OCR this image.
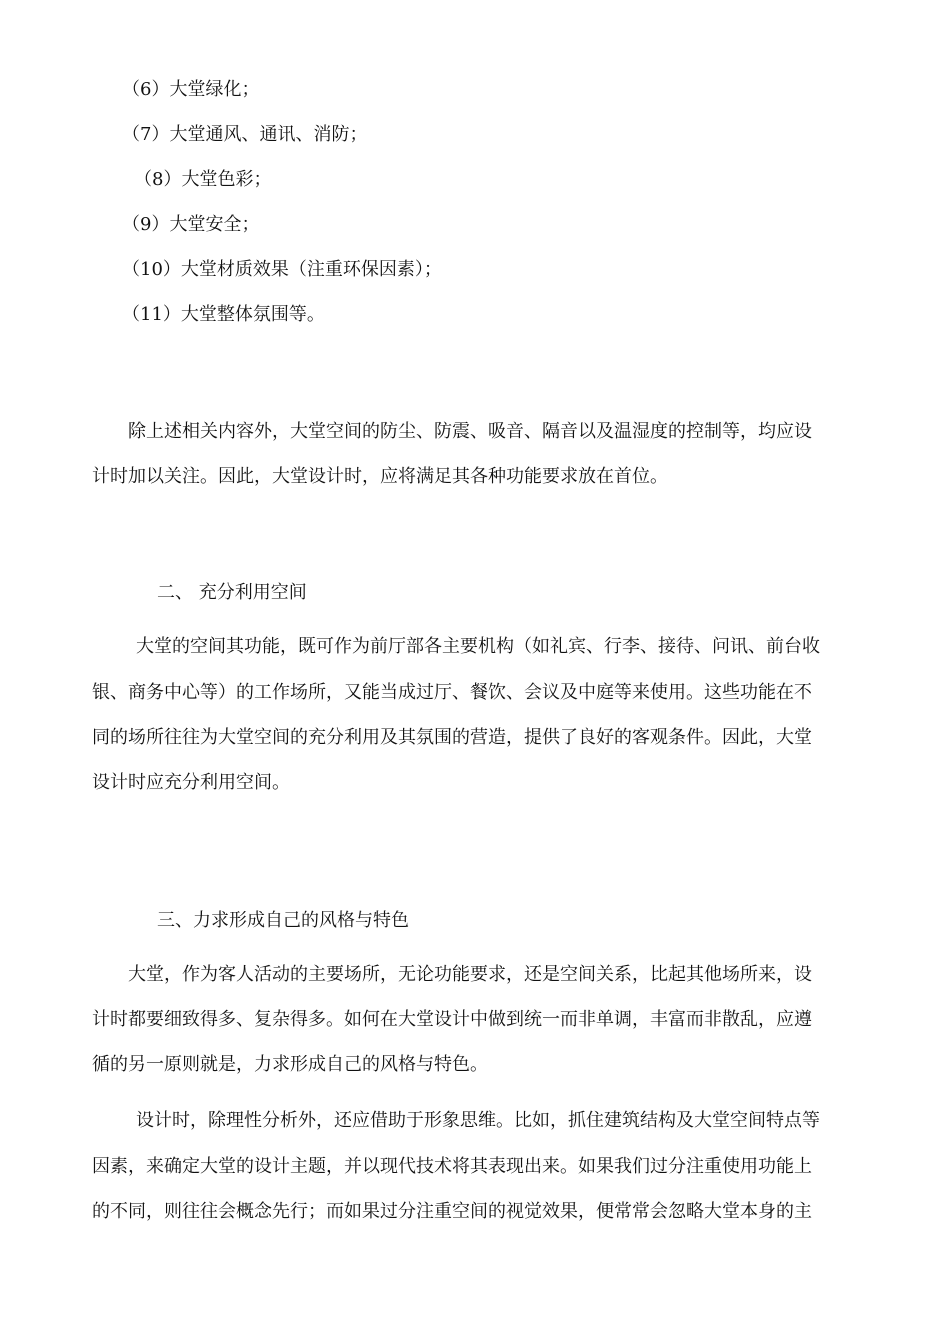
（6）大堂绿化；
（7）大堂通风、通讯、消防；
（8）大堂色彩；
（9）大堂安全；
（10）大堂材质效果（注重环保因素）；
（11）大堂整体氛围等。
除上述相关内容外，大堂空间的防尘、防震、吸音、隔音以及温湿度的控制等，均应设
计时加以关注。因此，大堂设计时，应将满足其各种功能要求放在首位。
二、 充分利用空间
大堂的空间其功能，既可作为前厅部各主要机构（如礼宾、行李、接待、问讯、前台收
银、商务中心等）的工作场所，又能当成过厅、餐饮、会议及中庭等来使用。这些功能在不
同的场所往往为大堂空间的充分利用及其氛围的营造，提供了良好的客观条件。因此，大堂
设计时应充分利用空间。
三、力求形成自己的风格与特色
大堂，作为客人活动的主要场所，无论功能要求，还是空间关系，比起其他场所来，设
计时都要细致得多、复杂得多。如何在大堂设计中做到统一而非单调，丰富而非散乱，应遵
循的另一原则就是，力求形成自己的风格与特色。
设计时，除理性分析外，还应借助于形象思维。比如，抓住建筑结构及大堂空间特点等
因素，来确定大堂的设计主题，并以现代技术将其表现出来。如果我们过分注重使用功能上
的不同，则往往会概念先行；而如果过分注重空间的视觉效果，便常常会忽略大堂本身的主
